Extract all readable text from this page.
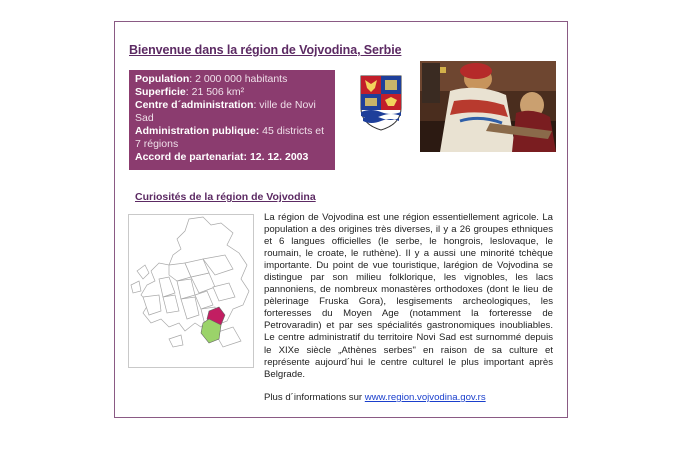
Bienvenue dans la région de Vojvodina, Serbie
Population: 2 000 000 habitants
Superficie: 21 506 km²
Centre d´administration: ville de Novi Sad
Administration publique: 45 districts et 7 régions
Accord de partenariat: 12. 12. 2003
Curiosités de la région de Vojvodina
La région de Vojvodina est une région essentiellement agricole. La population a des origines très diverses, il y a 26 groupes ethniques et 6 langues officielles (le serbe, le hongrois, leslovaque, le roumain, le croate, le ruthène). Il y a aussi une minorité tchèque importante. Du point de vue touristique, larégion de Vojvodina se distingue par son milieu folklorique, les vignobles, les lacs pannoniens, de nombreux monastères orthodoxes (dont le lieu de pèlerinage Fruska Gora), lesgisements archeologiques, les forteresses du Moyen Age (notamment la forteresse de Petrovaradin) et par ses spécialités gastronomiques inoubliables. Le centre administratif du territoire Novi Sad est surnommé depuis le XIXe siècle „Athènes serbes" en raison de sa culture et représente aujourd´hui le centre culturel le plus important après Belgrade.
Plus d´informations sur www.region.vojvodina.gov.rs
